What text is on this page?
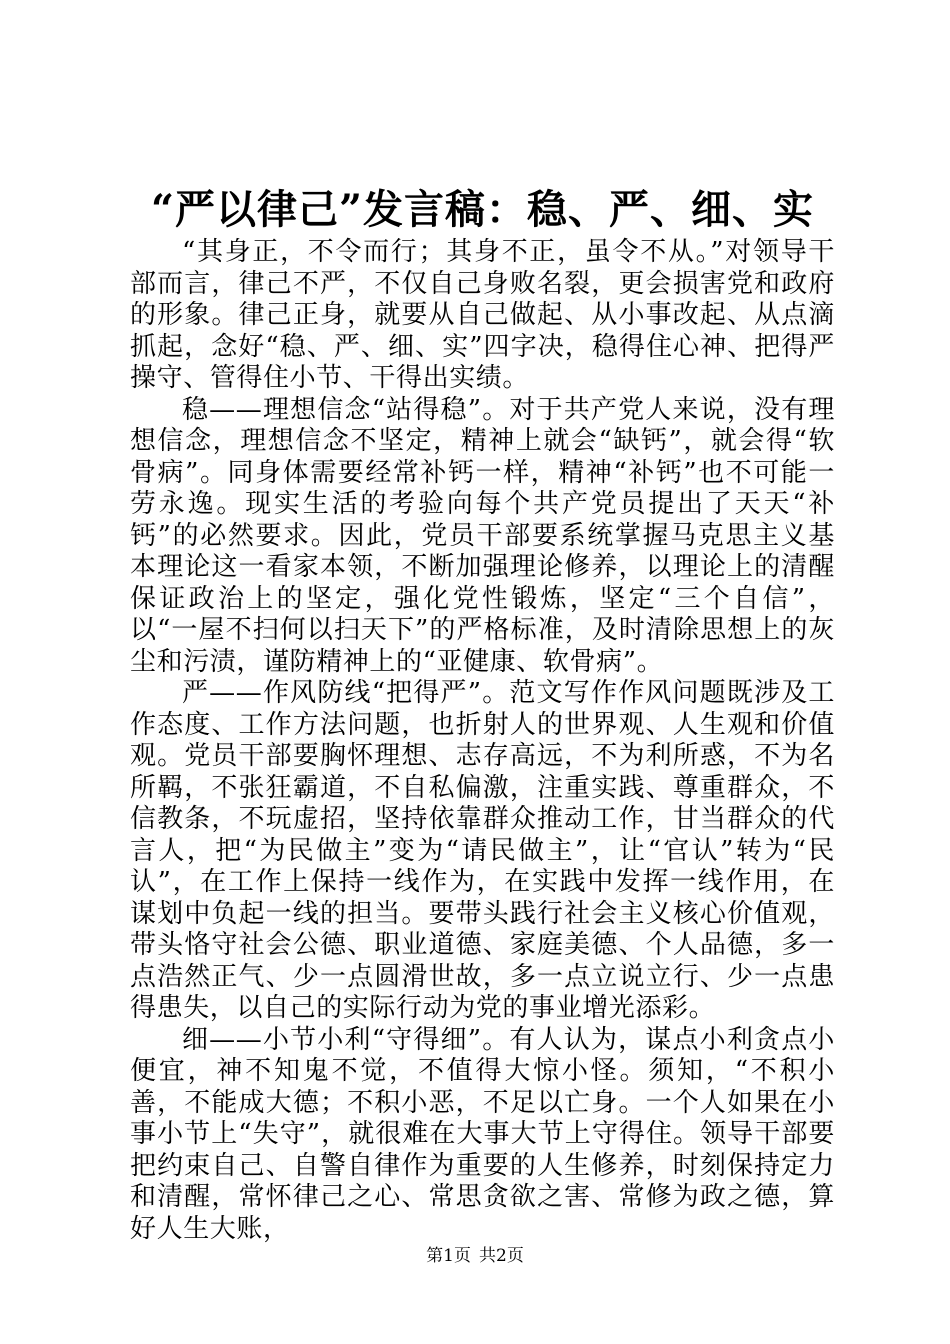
“严以律己”发言稿：稳、严、细、实

“其身正，不令而行；其身不正，虽令不从。”对领导干部而言，律己不严，不仅自己身败名裂，更会损害党和政府的形象。律己正身，就要从自己做起、从小事改起、从点滴抓起，念好“稳、严、细、实”四字决，稳得住心神、把得严操守、管得住小节、干得出实绩。

稳——理想信念“站得稳”。对于共产党人来说，没有理想信念，理想信念不坚定，精神上就会“缺钙”，就会得“软骨病”。同身体需要经常补钙一样，精神“补钙”也不可能一劳永逸。现实生活的考验向每个共产党员提出了天天“补钙”的必然要求。因此，党员干部要系统掌握马克思主义基本理论这一看家本领，不断加强理论修养，以理论上的清醒保证政治上的坚定，强化党性锻炼，坚定“三个自信”，以“一屋不扫何以扫天下”的严格标准，及时清除思想上的灰尘和污渍，谨防精神上的“亚健康、软骨病”。

严——作风防线“把得严”。范文写作作风问题既涉及工作态度、工作方法问题，也折射人的世界观、人生观和价值观。党员干部要胸怀理想、志存高远，不为利所惑，不为名所羁，不张狂霸道，不自私偏激，注重实践、尊重群众，不信教条，不玩虚招，坚持依靠群众推动工作，甘当群众的代言人，把“为民做主”变为“请民做主”，让“官认”转为“民认”，在工作上保持一线作为，在实践中发挥一线作用，在谋划中负起一线的担当。要带头践行社会主义核心价值观，带头恪守社会公德、职业道德、家庭美德、个人品德，多一点浩然正气、少一点圆滑世故，多一点立说立行、少一点患得患失，以自己的实际行动为党的事业增光添彩。

细——小节小利“守得细”。有人认为，谋点小利贪点小便宜，神不知鬼不觉，不值得大惊小怪。须知，“不积小善，不能成大德；不积小恶，不足以亡身。一个人如果在小事小节上“失守”，就很难在大事大节上守得住。领导干部要把约束自己、自警自律作为重要的人生修养，时刻保持定力和清醒，常怀律己之心、常思贪欲之害、常修为政之德，算好人生大账，

第1页 共2页
